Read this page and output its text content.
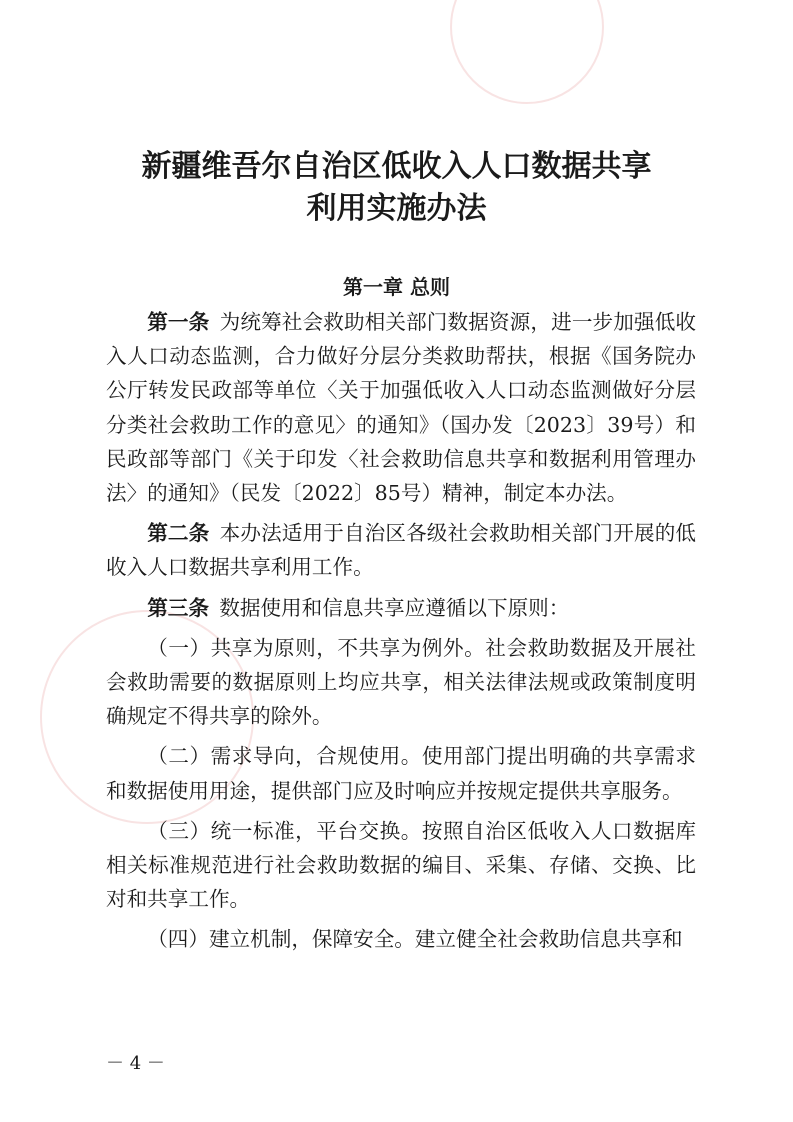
新疆维吾尔自治区低收入人口数据共享
利用实施办法
第一章 总则

第一条 为统筹社会救助相关部门数据资源，进一步加强低收入人口动态监测，合力做好分层分类救助帮扶，根据《国务院办公厅转发民政部等单位〈关于加强低收入人口动态监测做好分层分类社会救助工作的意见〉的通知》（国办发〔2023〕39号）和民政部等部门《关于印发〈社会救助信息共享和数据利用管理办法〉的通知》（民发〔2022〕85号）精神，制定本办法。

第二条 本办法适用于自治区各级社会救助相关部门开展的低收入人口数据共享利用工作。

第三条 数据使用和信息共享应遵循以下原则：

（一）共享为原则，不共享为例外。社会救助数据及开展社会救助需要的数据原则上均应共享，相关法律法规或政策制度明确规定不得共享的除外。

（二）需求导向，合规使用。使用部门提出明确的共享需求和数据使用用途，提供部门应及时响应并按规定提供共享服务。

（三）统一标准，平台交换。按照自治区低收入人口数据库相关标准规范进行社会救助数据的编目、采集、存储、交换、比对和共享工作。

（四）建立机制，保障安全。建立健全社会救助信息共享和

－ 4 －
